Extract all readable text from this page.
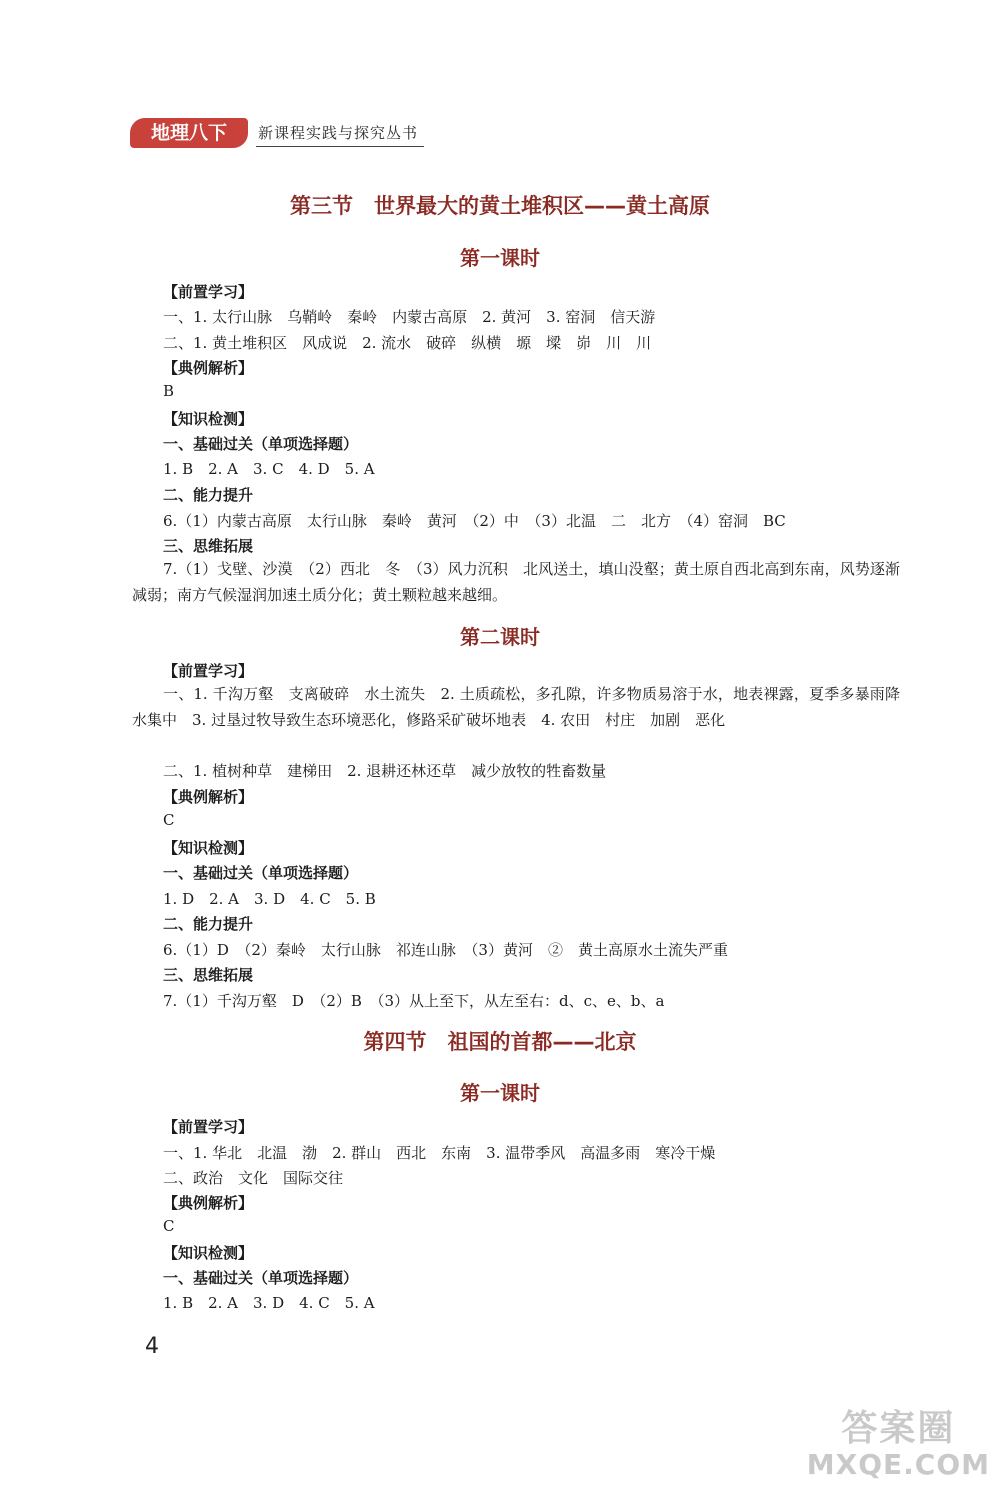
地理八下	新课程实践与探究丛书
第三节　世界最大的黄土堆积区——黄土高原
第一课时
【前置学习】
一、1. 太行山脉　乌鞘岭　秦岭　内蒙古高原　2. 黄河　3. 窑洞　信天游
二、1. 黄土堆积区　风成说　2. 流水　破碎　纵横　塬　墚　峁　川　川
【典例解析】
B
【知识检测】
一、基础过关（单项选择题）
1. B　2. A　3. C　4. D　5. A
二、能力提升
6.（1）内蒙古高原　太行山脉　秦岭　黄河　（2）中　（3）北温　二　北方　（4）窑洞　BC
三、思维拓展
7.（1）戈壁、沙漠　（2）西北　冬　（3）风力沉积　北风送土，填山没壑；黄土原自西北高到东南，风势逐渐减弱；南方气候湿润加速土质分化；黄土颗粒越来越细。
第二课时
【前置学习】
一、1. 千沟万壑　支离破碎　水土流失　2. 土质疏松，多孔隙，许多物质易溶于水，地表裸露，夏季多暴雨降水集中　3. 过垦过牧导致生态环境恶化，修路采矿破坏地表　4. 农田　村庄　加剧　恶化
二、1. 植树种草　建梯田　2. 退耕还林还草　减少放牧的牲畜数量
【典例解析】
C
【知识检测】
一、基础过关（单项选择题）
1. D　2. A　3. D　4. C　5. B
二、能力提升
6.（1）D　（2）秦岭　太行山脉　祁连山脉　（3）黄河　②　黄土高原水土流失严重
三、思维拓展
7.（1）千沟万壑　D　（2）B　（3）从上至下，从左至右：d、c、e、b、a
第四节　祖国的首都——北京
第一课时
【前置学习】
一、1. 华北　北温　渤　2. 群山　西北　东南　3. 温带季风　高温多雨　寒冷干燥
二、政治　文化　国际交往
【典例解析】
C
【知识检测】
一、基础过关（单项选择题）
1. B　2. A　3. D　4. C　5. A
4
答案圈
MXQE.COM
